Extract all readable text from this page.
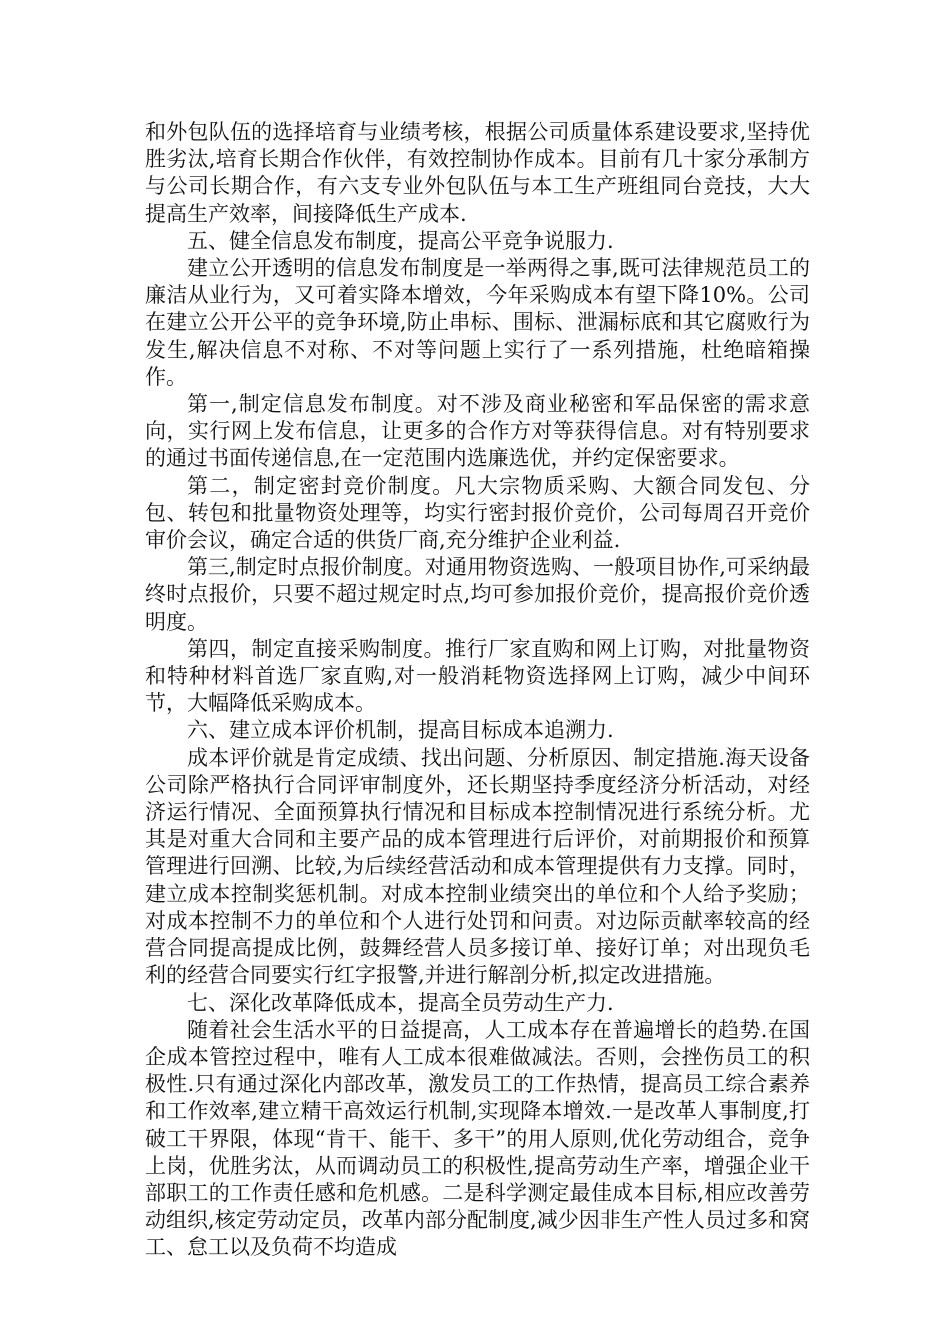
和外包队伍的选择培育与业绩考核，根据公司质量体系建设要求,坚持优胜劣汰,培育长期合作伙伴，有效控制协作成本。目前有几十家分承制方与公司长期合作，有六支专业外包队伍与本工生产班组同台竞技，大大提高生产效率，间接降低生产成本.

五、健全信息发布制度，提高公平竞争说服力.

建立公开透明的信息发布制度是一举两得之事,既可法律规范员工的廉洁从业行为，又可着实降本增效，今年采购成本有望下降10%。公司在建立公开公平的竞争环境,防止串标、围标、泄漏标底和其它腐败行为发生,解决信息不对称、不对等问题上实行了一系列措施，杜绝暗箱操作。

第一,制定信息发布制度。对不涉及商业秘密和军品保密的需求意向，实行网上发布信息，让更多的合作方对等获得信息。对有特别要求的通过书面传递信息,在一定范围内选廉选优，并约定保密要求。

第二，制定密封竞价制度。凡大宗物质采购、大额合同发包、分包、转包和批量物资处理等，均实行密封报价竞价，公司每周召开竞价审价会议，确定合适的供货厂商,充分维护企业利益.

第三,制定时点报价制度。对通用物资选购、一般项目协作,可采纳最终时点报价，只要不超过规定时点,均可参加报价竞价，提高报价竞价透明度。

第四，制定直接采购制度。推行厂家直购和网上订购，对批量物资和特种材料首选厂家直购,对一般消耗物资选择网上订购，减少中间环节，大幅降低采购成本。

六、建立成本评价机制，提高目标成本追溯力.

成本评价就是肯定成绩、找出问题、分析原因、制定措施.海天设备公司除严格执行合同评审制度外，还长期坚持季度经济分析活动，对经济运行情况、全面预算执行情况和目标成本控制情况进行系统分析。尤其是对重大合同和主要产品的成本管理进行后评价，对前期报价和预算管理进行回溯、比较,为后续经营活动和成本管理提供有力支撑。同时，建立成本控制奖惩机制。对成本控制业绩突出的单位和个人给予奖励；对成本控制不力的单位和个人进行处罚和问责。对边际贡献率较高的经营合同提高提成比例，鼓舞经营人员多接订单、接好订单；对出现负毛利的经营合同要实行红字报警,并进行解剖分析,拟定改进措施。

七、深化改革降低成本，提高全员劳动生产力.

随着社会生活水平的日益提高，人工成本存在普遍增长的趋势.在国企成本管控过程中，唯有人工成本很难做减法。否则，会挫伤员工的积极性.只有通过深化内部改革，激发员工的工作热情，提高员工综合素养和工作效率,建立精干高效运行机制,实现降本增效.一是改革人事制度,打破工干界限，体现“肯干、能干、多干”的用人原则,优化劳动组合，竞争上岗，优胜劣汰，从而调动员工的积极性,提高劳动生产率，增强企业干部职工的工作责任感和危机感。二是科学测定最佳成本目标,相应改善劳动组织,核定劳动定员，改革内部分配制度,减少因非生产性人员过多和窝工、怠工以及负荷不均造成
